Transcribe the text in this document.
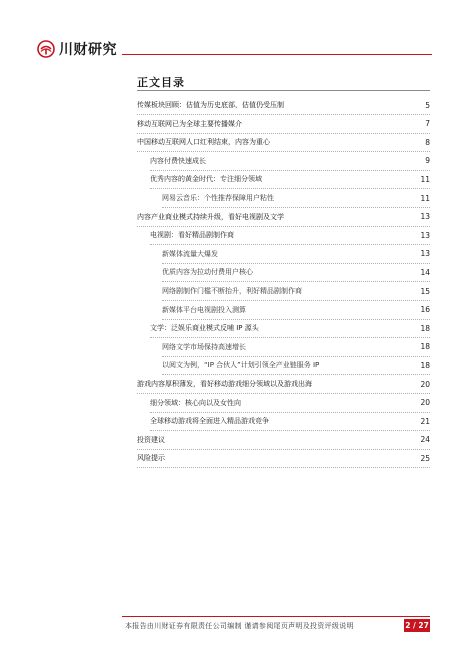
川财研究
正文目录
传媒板块回顾：估值为历史底部，估值仍受压制	5
移动互联网已为全球主要传播媒介	7
中国移动互联网人口红利结束，内容为重心	8
内容付费快速成长	9
优秀内容的黄金时代：专注细分领域	11
网易云音乐：个性推荐保障用户粘性	11
内容产业商业模式持续升级，看好电视剧及文学	13
电视剧：看好精品剧制作商	13
新媒体流量大爆发	13
优质内容为拉动付费用户核心	14
网络剧制作门槛不断抬升，利好精品剧制作商	15
新媒体平台电视剧投入测算	16
文学：泛娱乐商业模式反哺 IP 源头	18
网络文学市场保持高速增长	18
以阅文为例，“IP 合伙人”计划引领全产业链服务 IP	18
游戏内容厚积薄发，看好移动游戏细分领域以及游戏出海	20
细分领域：核心向以及女性向	20
全球移动游戏将全面进入精品游戏竞争	21
投资建议	24
风险提示	25
本报告由川财证券有限责任公司编制 谨请参阅尾页声明及投资评级说明	2 / 27
